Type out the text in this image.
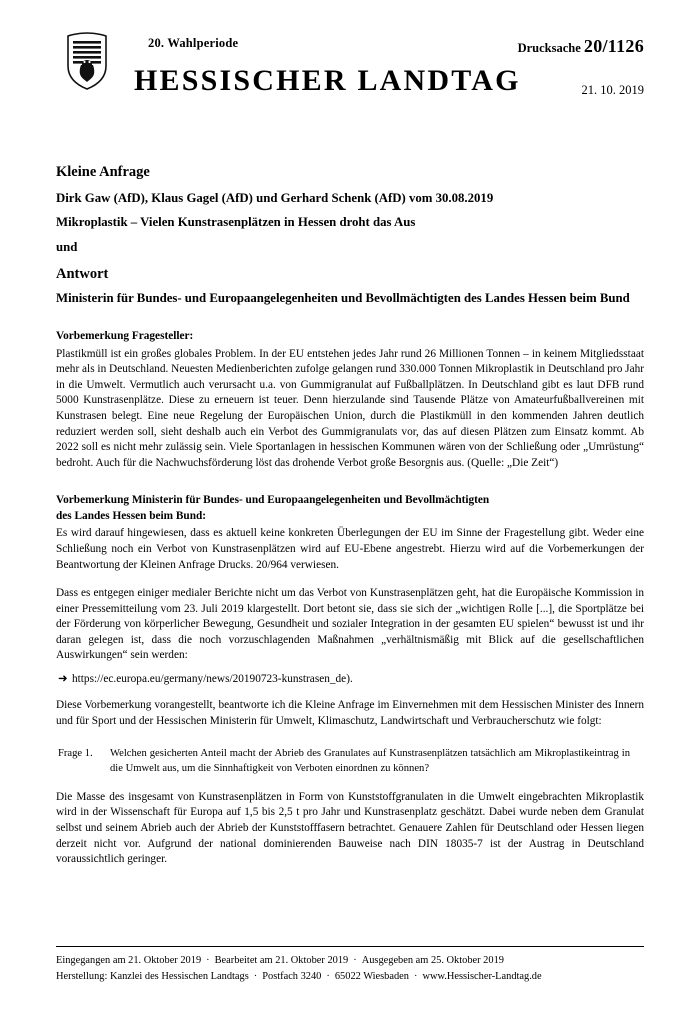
20. Wahlperiode	Drucksache 20/1126
HESSISCHER LANDTAG	21. 10. 2019
Kleine Anfrage
Dirk Gaw (AfD), Klaus Gagel (AfD) und Gerhard Schenk (AfD) vom 30.08.2019
Mikroplastik – Vielen Kunstrasenplätzen in Hessen droht das Aus
und
Antwort
Ministerin für Bundes- und Europaangelegenheiten und Bevollmächtigten des Landes Hessen beim Bund
Vorbemerkung Fragesteller:
Plastikmüll ist ein großes globales Problem. In der EU entstehen jedes Jahr rund 26 Millionen Tonnen – in keinem Mitgliedsstaat mehr als in Deutschland. Neuesten Medienberichten zufolge gelangen rund 330.000 Tonnen Mikroplastik in Deutschland pro Jahr in die Umwelt. Vermutlich auch verursacht u.a. von Gummigranulat auf Fußballplätzen. In Deutschland gibt es laut DFB rund 5000 Kunstrasenplätze. Diese zu erneuern ist teuer. Denn hierzulande sind Tausende Plätze von Amateurfußballvereinen mit Kunstrasen belegt. Eine neue Regelung der Europäischen Union, durch die Plastikmüll in den kommenden Jahren deutlich reduziert werden soll, sieht deshalb auch ein Verbot des Gummigranulats vor, das auf diesen Plätzen zum Einsatz kommt. Ab 2022 soll es nicht mehr zulässig sein. Viele Sportanlagen in hessischen Kommunen wären von der Schließung oder „Umrüstung“ bedroht. Auch für die Nachwuchsförderung löst das drohende Verbot große Besorgnis aus. (Quelle: „Die Zeit“)
Vorbemerkung Ministerin für Bundes- und Europaangelegenheiten und Bevollmächtigten
des Landes Hessen beim Bund:
Es wird darauf hingewiesen, dass es aktuell keine konkreten Überlegungen der EU im Sinne der Fragestellung gibt. Weder eine Schließung noch ein Verbot von Kunstrasenplätzen wird auf EU-Ebene angestrebt. Hierzu wird auf die Vorbemerkungen der Beantwortung der Kleinen Anfrage Drucks. 20/964 verwiesen.
Dass es entgegen einiger medialer Berichte nicht um das Verbot von Kunstrasenplätzen geht, hat die Europäische Kommission in einer Pressemitteilung vom 23. Juli 2019 klargestellt. Dort betont sie, dass sie sich der „wichtigen Rolle [...], die Sportplätze bei der Förderung von körperlicher Bewegung, Gesundheit und sozialer Integration in der gesamten EU spielen“ bewusst ist und ihr daran gelegen ist, dass die noch vorzuschlagenden Maßnahmen „verhältnismäßig mit Blick auf die gesellschaftlichen Auswirkungen“ sein werden:
➜ https://ec.europa.eu/germany/news/20190723-kunstrasen_de).
Diese Vorbemerkung vorangestellt, beantworte ich die Kleine Anfrage im Einvernehmen mit dem Hessischen Minister des Innern und für Sport und der Hessischen Ministerin für Umwelt, Klimaschutz, Landwirtschaft und Verbraucherschutz wie folgt:
Frage 1.	Welchen gesicherten Anteil macht der Abrieb des Granulates auf Kunstrasenplätzen tatsächlich am Mikroplastikeintrag in die Umwelt aus, um die Sinnhaftigkeit von Verboten einordnen zu können?
Die Masse des insgesamt von Kunstrasenplätzen in Form von Kunststoffgranulaten in die Umwelt eingebrachten Mikroplastik wird in der Wissenschaft für Europa auf 1,5 bis 2,5 t pro Jahr und Kunstrasenplatz geschätzt. Dabei wurde neben dem Granulat selbst und seinem Abrieb auch der Abrieb der Kunststofffasern betrachtet. Genauere Zahlen für Deutschland oder Hessen liegen derzeit nicht vor. Aufgrund der national dominierenden Bauweise nach DIN 18035-7 ist der Austrag in Deutschland voraussichtlich geringer.
Eingegangen am 21. Oktober 2019 · Bearbeitet am 21. Oktober 2019 · Ausgegeben am 25. Oktober 2019
Herstellung: Kanzlei des Hessischen Landtags · Postfach 3240 · 65022 Wiesbaden · www.Hessischer-Landtag.de
